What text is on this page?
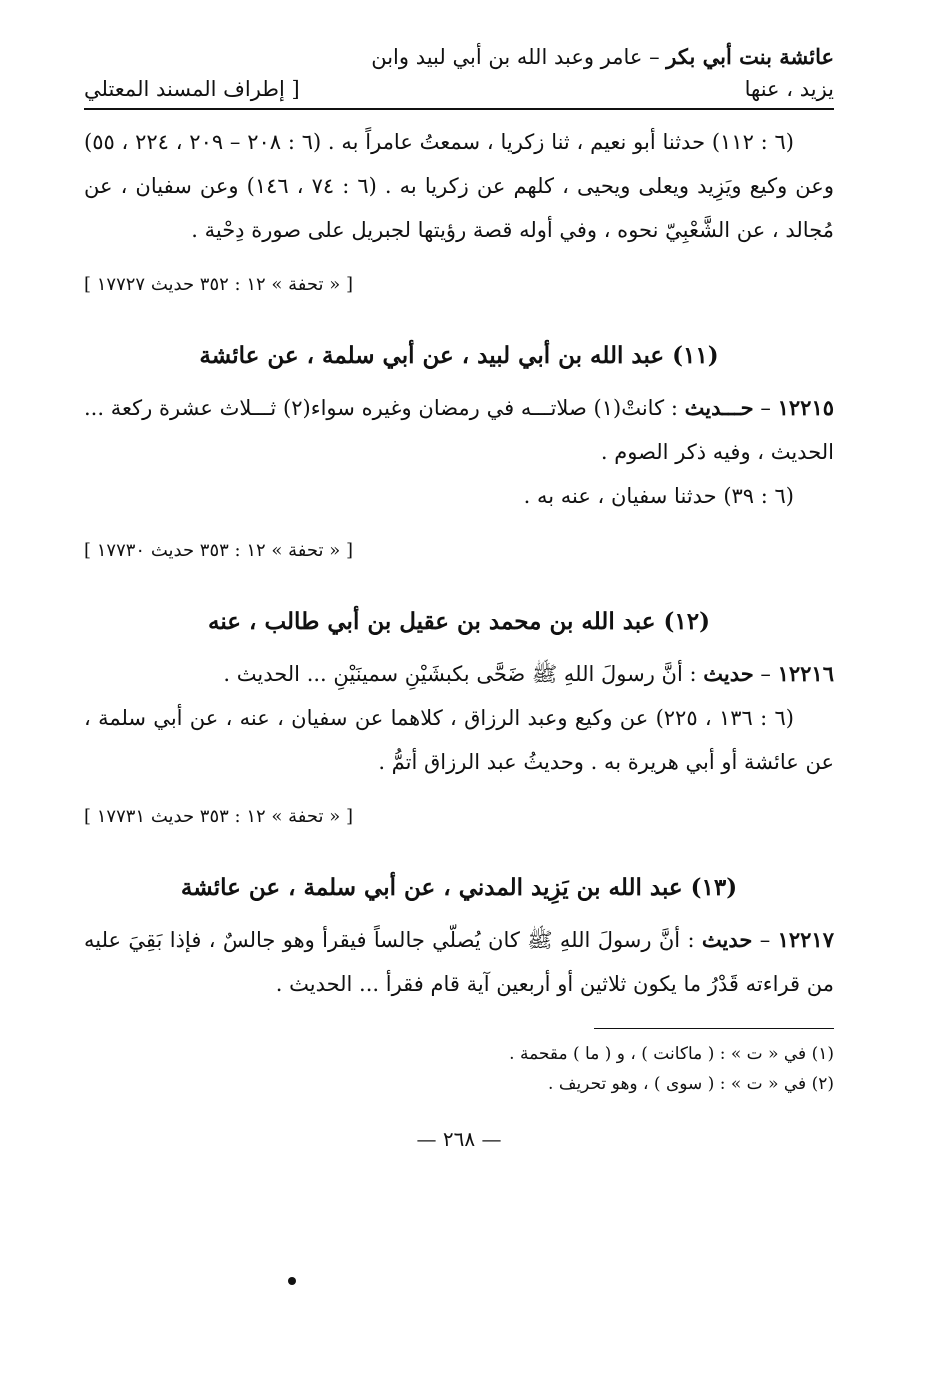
عائشة بنت أبي بكر – عامر وعبد الله بن أبي لبيد وابن
يزيد ، عنها
[ إطراف المسند المعتلي

(٦ : ١١٢) حدثنا أبو نعيم ، ثنا زكريا ، سمعتُ عامراً به . (٦ : ٢٠٨ – ٢٠٩ ، ٢٢٤ ، ٥٥) وعن وكيع ويَزِيد ويعلى ويحيى ، كلهم عن زكريا به . (٦ : ٧٤ ، ١٤٦) وعن سفيان ، عن مُجالد ، عن الشَّعْبِيّ نحوه ، وفي أوله قصة رؤيتها لجبريل على صورة دِحْية .

[ « تحفة » ١٢ : ٣٥٢ حديث ١٧٧٢٧ ]
(١١) عبد الله بن أبي لبيد ، عن أبي سلمة ، عن عائشة

١٢٢١٥ – حـــديث : كانتْ(١) صلاتـــه في رمضان وغيره سواء(٢) ثـــلاث عشرة ركعة ... الحديث ، وفيه ذكر الصوم .

(٦ : ٣٩) حدثنا سفيان ، عنه به .

[ « تحفة » ١٢ : ٣٥٣ حديث ١٧٧٣٠ ]
(١٢) عبد الله بن محمد بن عقيل بن أبي طالب ، عنه

١٢٢١٦ – حديث : أنَّ رسولَ اللهِ ﷺ ضَحَّى بكبشَيْنِ سمينَيْنِ ... الحديث .

(٦ : ١٣٦ ، ٢٢٥) عن وكيع وعبد الرزاق ، كلاهما عن سفيان ، عنه ، عن أبي سلمة ، عن عائشة أو أبي هريرة به . وحديثُ عبد الرزاق أتمُّ .

[ « تحفة » ١٢ : ٣٥٣ حديث ١٧٧٣١ ]
(١٣) عبد الله بن يَزِيد المدني ، عن أبي سلمة ، عن عائشة

١٢٢١٧ – حديث : أنَّ رسولَ اللهِ ﷺ كان يُصلّي جالساً فيقرأ وهو جالسٌ ، فإذا بَقِيَ عليه من قراءته قَدْرُ ما يكون ثلاثين أو أربعين آية قام فقرأ ... الحديث .

(١) في « ت » : ( ماكانت ) ، و ( ما ) مقحمة .

(٢) في « ت » : ( سوى ) ، وهو تحريف .

— ٢٦٨ —
